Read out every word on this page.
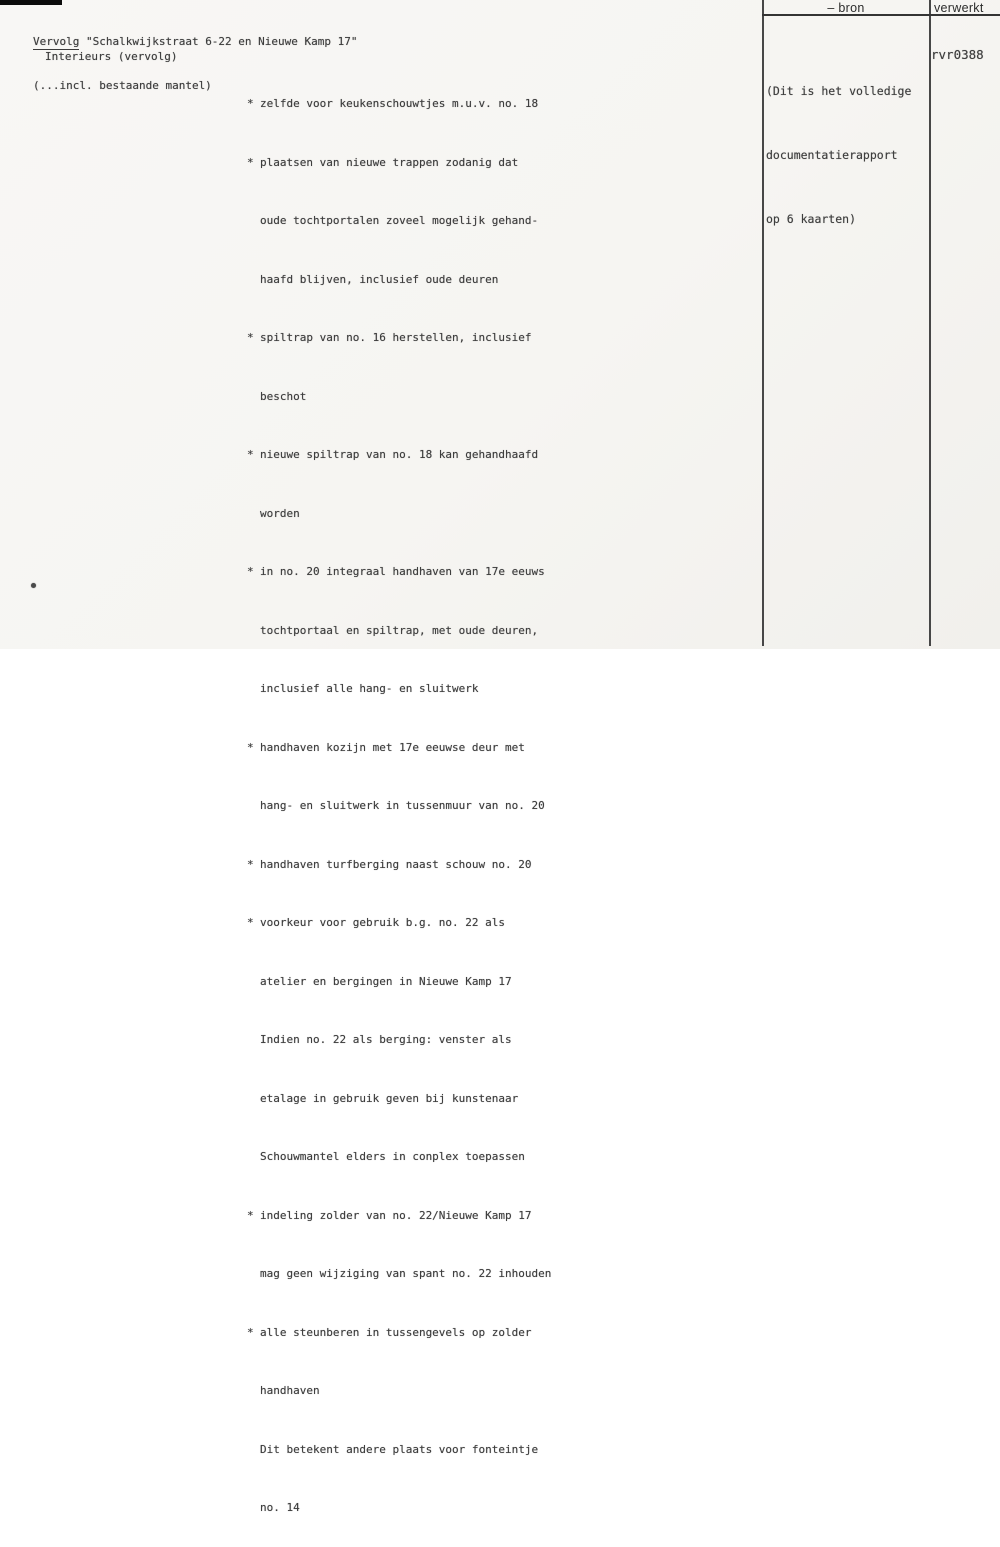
Vervolg "Schalkwijkstraat 6-22 en Nieuwe Kamp 17"

(...incl. bestaande mantel)

Interieurs (vervolg)

* zelfde voor keukenschouwtjes m.u.v. no. 18

* plaatsen van nieuwe trappen zodanig dat

oude tochtportalen zoveel mogelijk gehand-

haafd blijven, inclusief oude deuren

* spiltrap van no. 16 herstellen, inclusief

beschot

* nieuwe spiltrap van no. 18 kan gehandhaafd

worden

* in no. 20 integraal handhaven van 17e eeuws

tochtportaal en spiltrap, met oude deuren,

inclusief alle hang- en sluitwerk

* handhaven kozijn met 17e eeuwse deur met

hang- en sluitwerk in tussenmuur van no. 20

* handhaven turfberging naast schouw no. 20

* voorkeur voor gebruik b.g. no. 22 als

atelier en bergingen in Nieuwe Kamp 17

Indien no. 22 als berging: venster als

etalage in gebruik geven bij kunstenaar

Schouwmantel elders in conplex toepassen

* indeling zolder van no. 22/Nieuwe Kamp 17

mag geen wijziging van spant no. 22 inhouden

* alle steunberen in tussengevels op zolder

handhaven

Dit betekent andere plaats voor fonteintje

no. 14

– bron	verwerkt

(Dit is het volledige

documentatierapport

op 6 kaarten)

rvr0388
